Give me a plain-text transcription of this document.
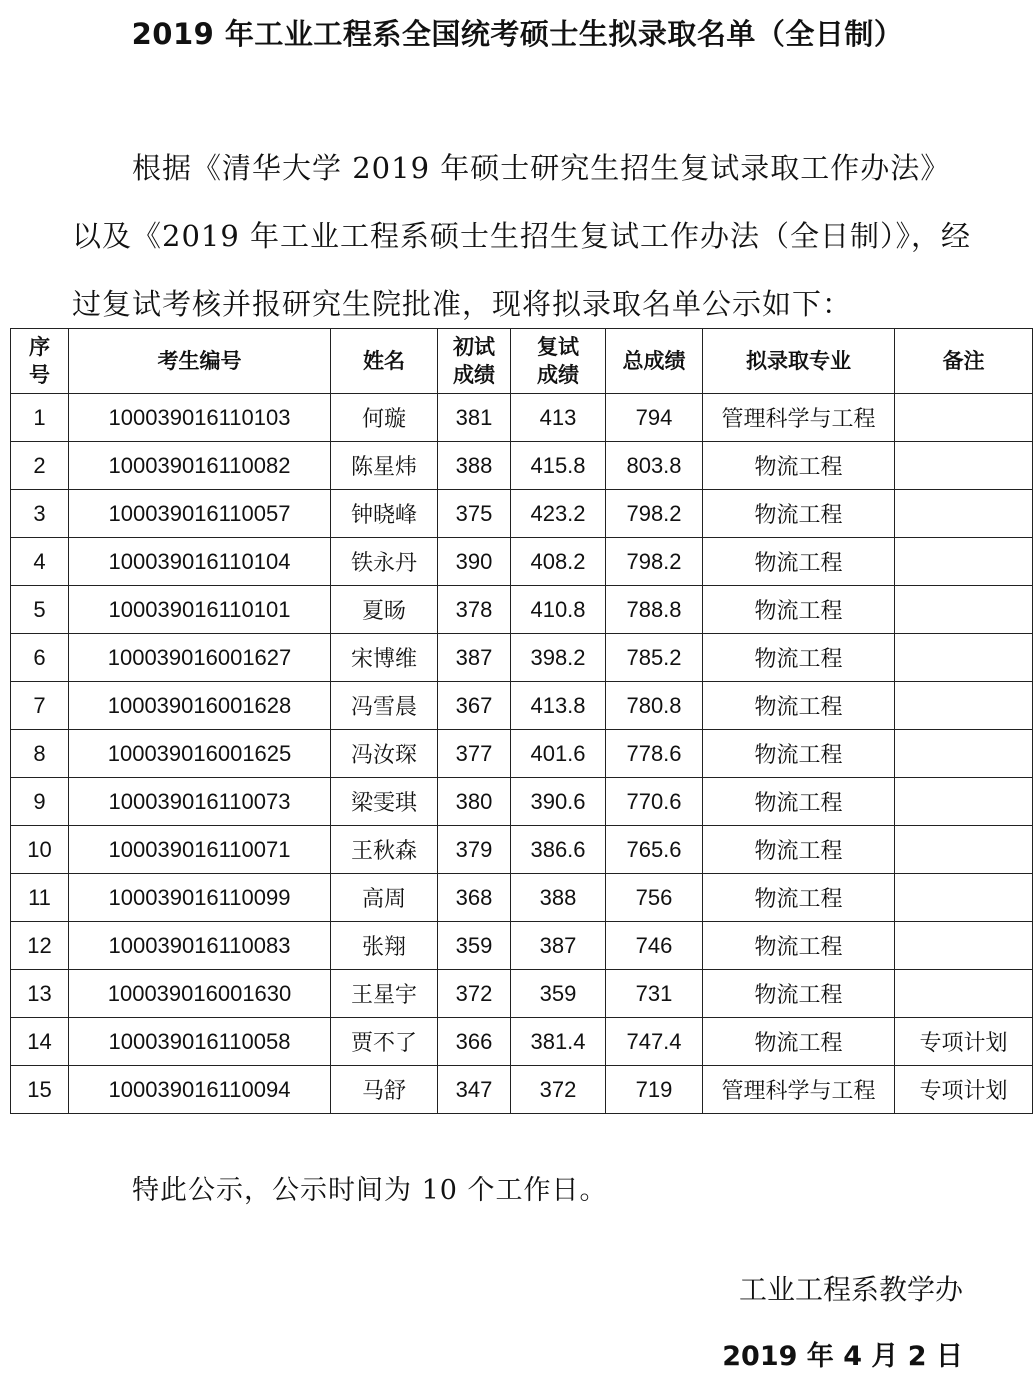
2019 年工业工程系全国统考硕士生拟录取名单（全日制）

根据《清华大学 2019 年硕士研究生招生复试录取工作办法》以及《2019 年工业工程系硕士生招生复试工作办法（全日制）》，经过复试考核并报研究生院批准，现将拟录取名单公示如下：

序号	考生编号	姓名	初试成绩	复试成绩	总成绩	拟录取专业	备注
1	100039016110103	何璇	381	413	794	管理科学与工程	
2	100039016110082	陈星炜	388	415.8	803.8	物流工程	
3	100039016110057	钟晓峰	375	423.2	798.2	物流工程	
4	100039016110104	铁永丹	390	408.2	798.2	物流工程	
5	100039016110101	夏旸	378	410.8	788.8	物流工程	
6	100039016001627	宋博维	387	398.2	785.2	物流工程	
7	100039016001628	冯雪晨	367	413.8	780.8	物流工程	
8	100039016001625	冯汝琛	377	401.6	778.6	物流工程	
9	100039016110073	梁雯琪	380	390.6	770.6	物流工程	
10	100039016110071	王秋森	379	386.6	765.6	物流工程	
11	100039016110099	高周	368	388	756	物流工程	
12	100039016110083	张翔	359	387	746	物流工程	
13	100039016001630	王星宇	372	359	731	物流工程	
14	100039016110058	贾不了	366	381.4	747.4	物流工程	专项计划
15	100039016110094	马舒	347	372	719	管理科学与工程	专项计划
特此公示，公示时间为 10 个工作日。
工业工程系教学办
2019 年 4 月 2 日
